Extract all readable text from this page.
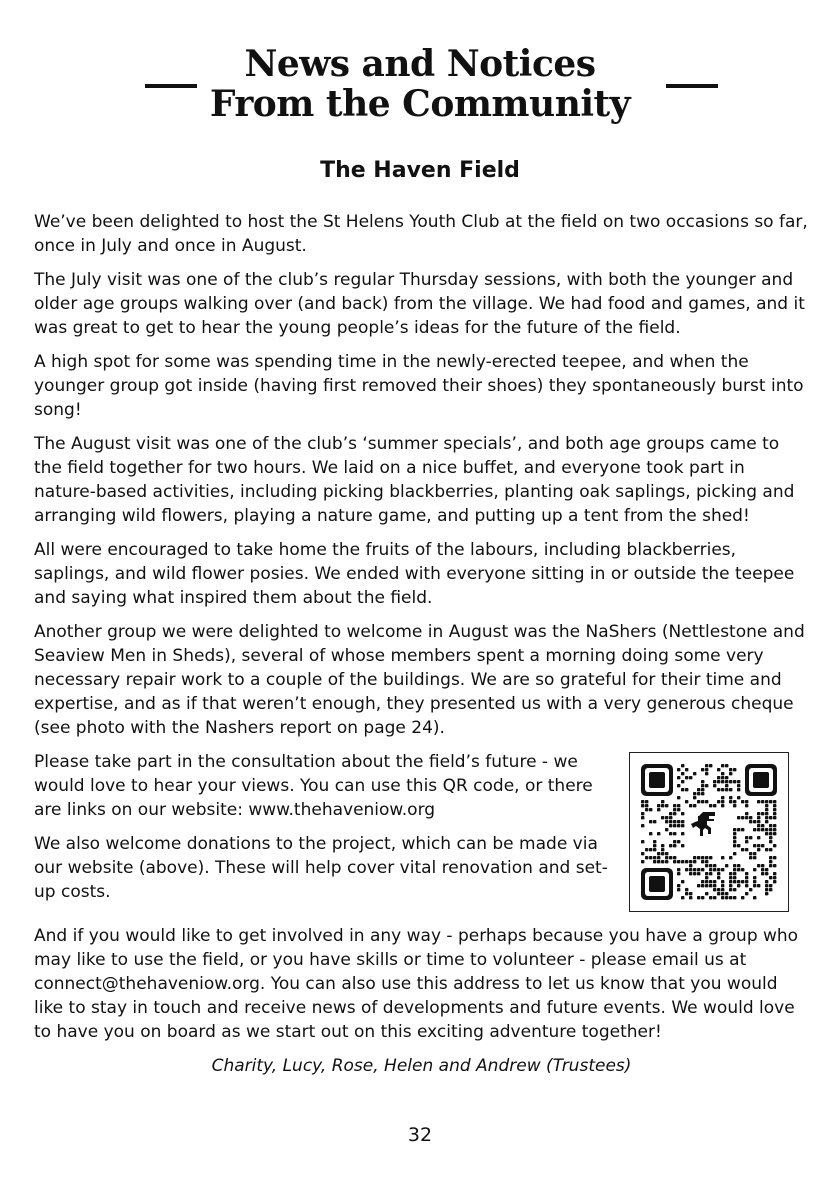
News and Notices
From the Community
The Haven Field

We’ve been delighted to host the St Helens Youth Club at the field on two occasions so far, once in July and once in August.

The July visit was one of the club’s regular Thursday sessions, with both the younger and older age groups walking over (and back) from the village. We had food and games, and it was great to get to hear the young people’s ideas for the future of the field.

A high spot for some was spending time in the newly-erected teepee, and when the younger group got inside (having first removed their shoes) they spontaneously burst into song!

The August visit was one of the club’s ‘summer specials’, and both age groups came to the field together for two hours. We laid on a nice buffet, and everyone took part in nature-based activities, including picking blackberries, planting oak saplings, picking and arranging wild flowers, playing a nature game, and putting up a tent from the shed!

All were encouraged to take home the fruits of the labours, including blackberries, saplings, and wild flower posies. We ended with everyone sitting in or outside the teepee and saying what inspired them about the field.

Another group we were delighted to welcome in August was the NaShers (Nettlestone and Seaview Men in Sheds), several of whose members spent a morning doing some very necessary repair work to a couple of the buildings. We are so grateful for their time and expertise, and as if that weren’t enough, they presented us with a very generous cheque (see photo with the Nashers report on page 24).

Please take part in the consultation about the field’s future - we would love to hear your views. You can use this QR code, or there are links on our website: www.thehaveniow.org

We also welcome donations to the project, which can be made via our website (above). These will help cover vital renovation and set-up costs.

And if you would like to get involved in any way - perhaps because you have a group who may like to use the field, or you have skills or time to volunteer - please email us at connect@thehaveniow.org. You can also use this address to let us know that you would like to stay in touch and receive news of developments and future events. We would love to have you on board as we start out on this exciting adventure together!

Charity, Lucy, Rose, Helen and Andrew (Trustees)

32
